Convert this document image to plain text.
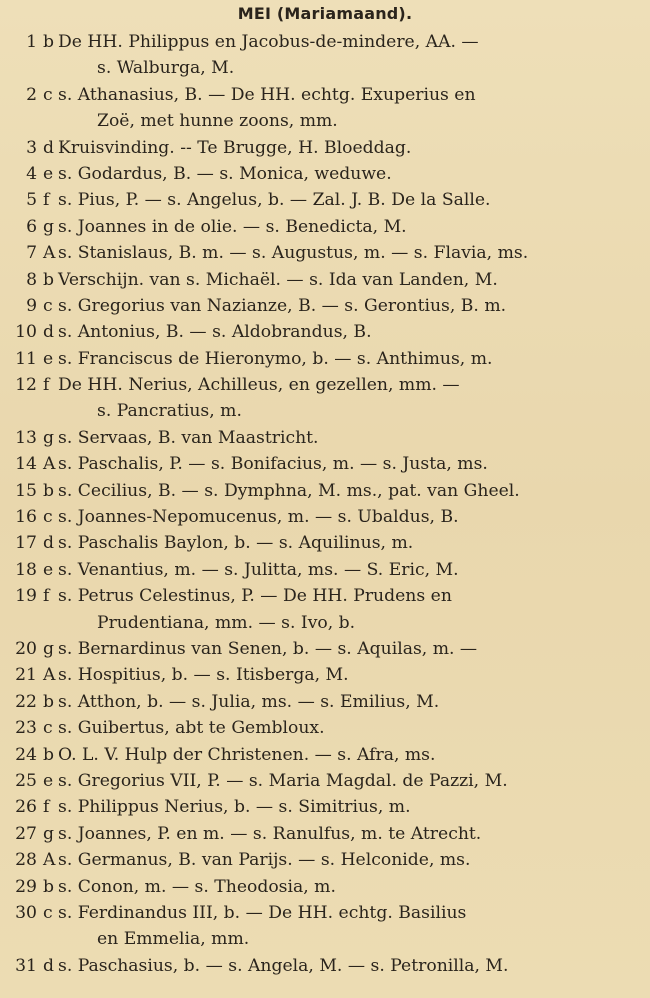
MEI (Mariamaand).
1 b De HH. Philippus en Jacobus-de-mindere, AA. —
s. Walburga, M.
2 c s. Athanasius, B. — De HH. echtg. Exuperius en
Zoë, met hunne zoons, mm.
3 d Kruisvinding. -- Te Brugge, H. Bloeddag.
4 e s. Godardus, B. — s. Monica, weduwe.
5 f s. Pius, P. — s. Angelus, b. — Zal. J. B. De la Salle.
6 g s. Joannes in de olie. — s. Benedicta, M.
7 A s. Stanislaus, B. m. — s. Augustus, m. — s. Flavia, ms.
8 b Verschijn. van s. Michaël. — s. Ida van Landen, M.
9 c s. Gregorius van Nazianze, B. — s. Gerontius, B. m.
10 d s. Antonius, B. — s. Aldobrandus, B.
11 e s. Franciscus de Hieronymo, b. — s. Anthimus, m.
12 f De HH. Nerius, Achilleus, en gezellen, mm. —
s. Pancratius, m.
13 g s. Servaas, B. van Maastricht.
14 A s. Paschalis, P. — s. Bonifacius, m. — s. Justa, ms.
15 b s. Cecilius, B. — s. Dymphna, M. ms., pat. van Gheel.
16 c s. Joannes-Nepomucenus, m. — s. Ubaldus, B.
17 d s. Paschalis Baylon, b. — s. Aquilinus, m.
18 e s. Venantius, m. — s. Julitta, ms. — S. Eric, M.
19 f s. Petrus Celestinus, P. — De HH. Prudens en
Prudentiana, mm. — s. Ivo, b.
20 g s. Bernardinus van Senen, b. — s. Aquilas, m. —
21 A s. Hospitius, b. — s. Itisberga, M.
22 b s. Atthon, b. — s. Julia, ms. — s. Emilius, M.
23 c s. Guibertus, abt te Gembloux.
24 b O. L. V. Hulp der Christenen. — s. Afra, ms.
25 e s. Gregorius VII, P. — s. Maria Magdal. de Pazzi, M.
26 f s. Philippus Nerius, b. — s. Simitrius, m.
27 g s. Joannes, P. en m. — s. Ranulfus, m. te Atrecht.
28 A s. Germanus, B. van Parijs. — s. Helconide, ms.
29 b s. Conon, m. — s. Theodosia, m.
30 c s. Ferdinandus III, b. — De HH. echtg. Basilius
en Emmelia, mm.
31 d s. Paschasius, b. — s. Angela, M. — s. Petronilla, M.
